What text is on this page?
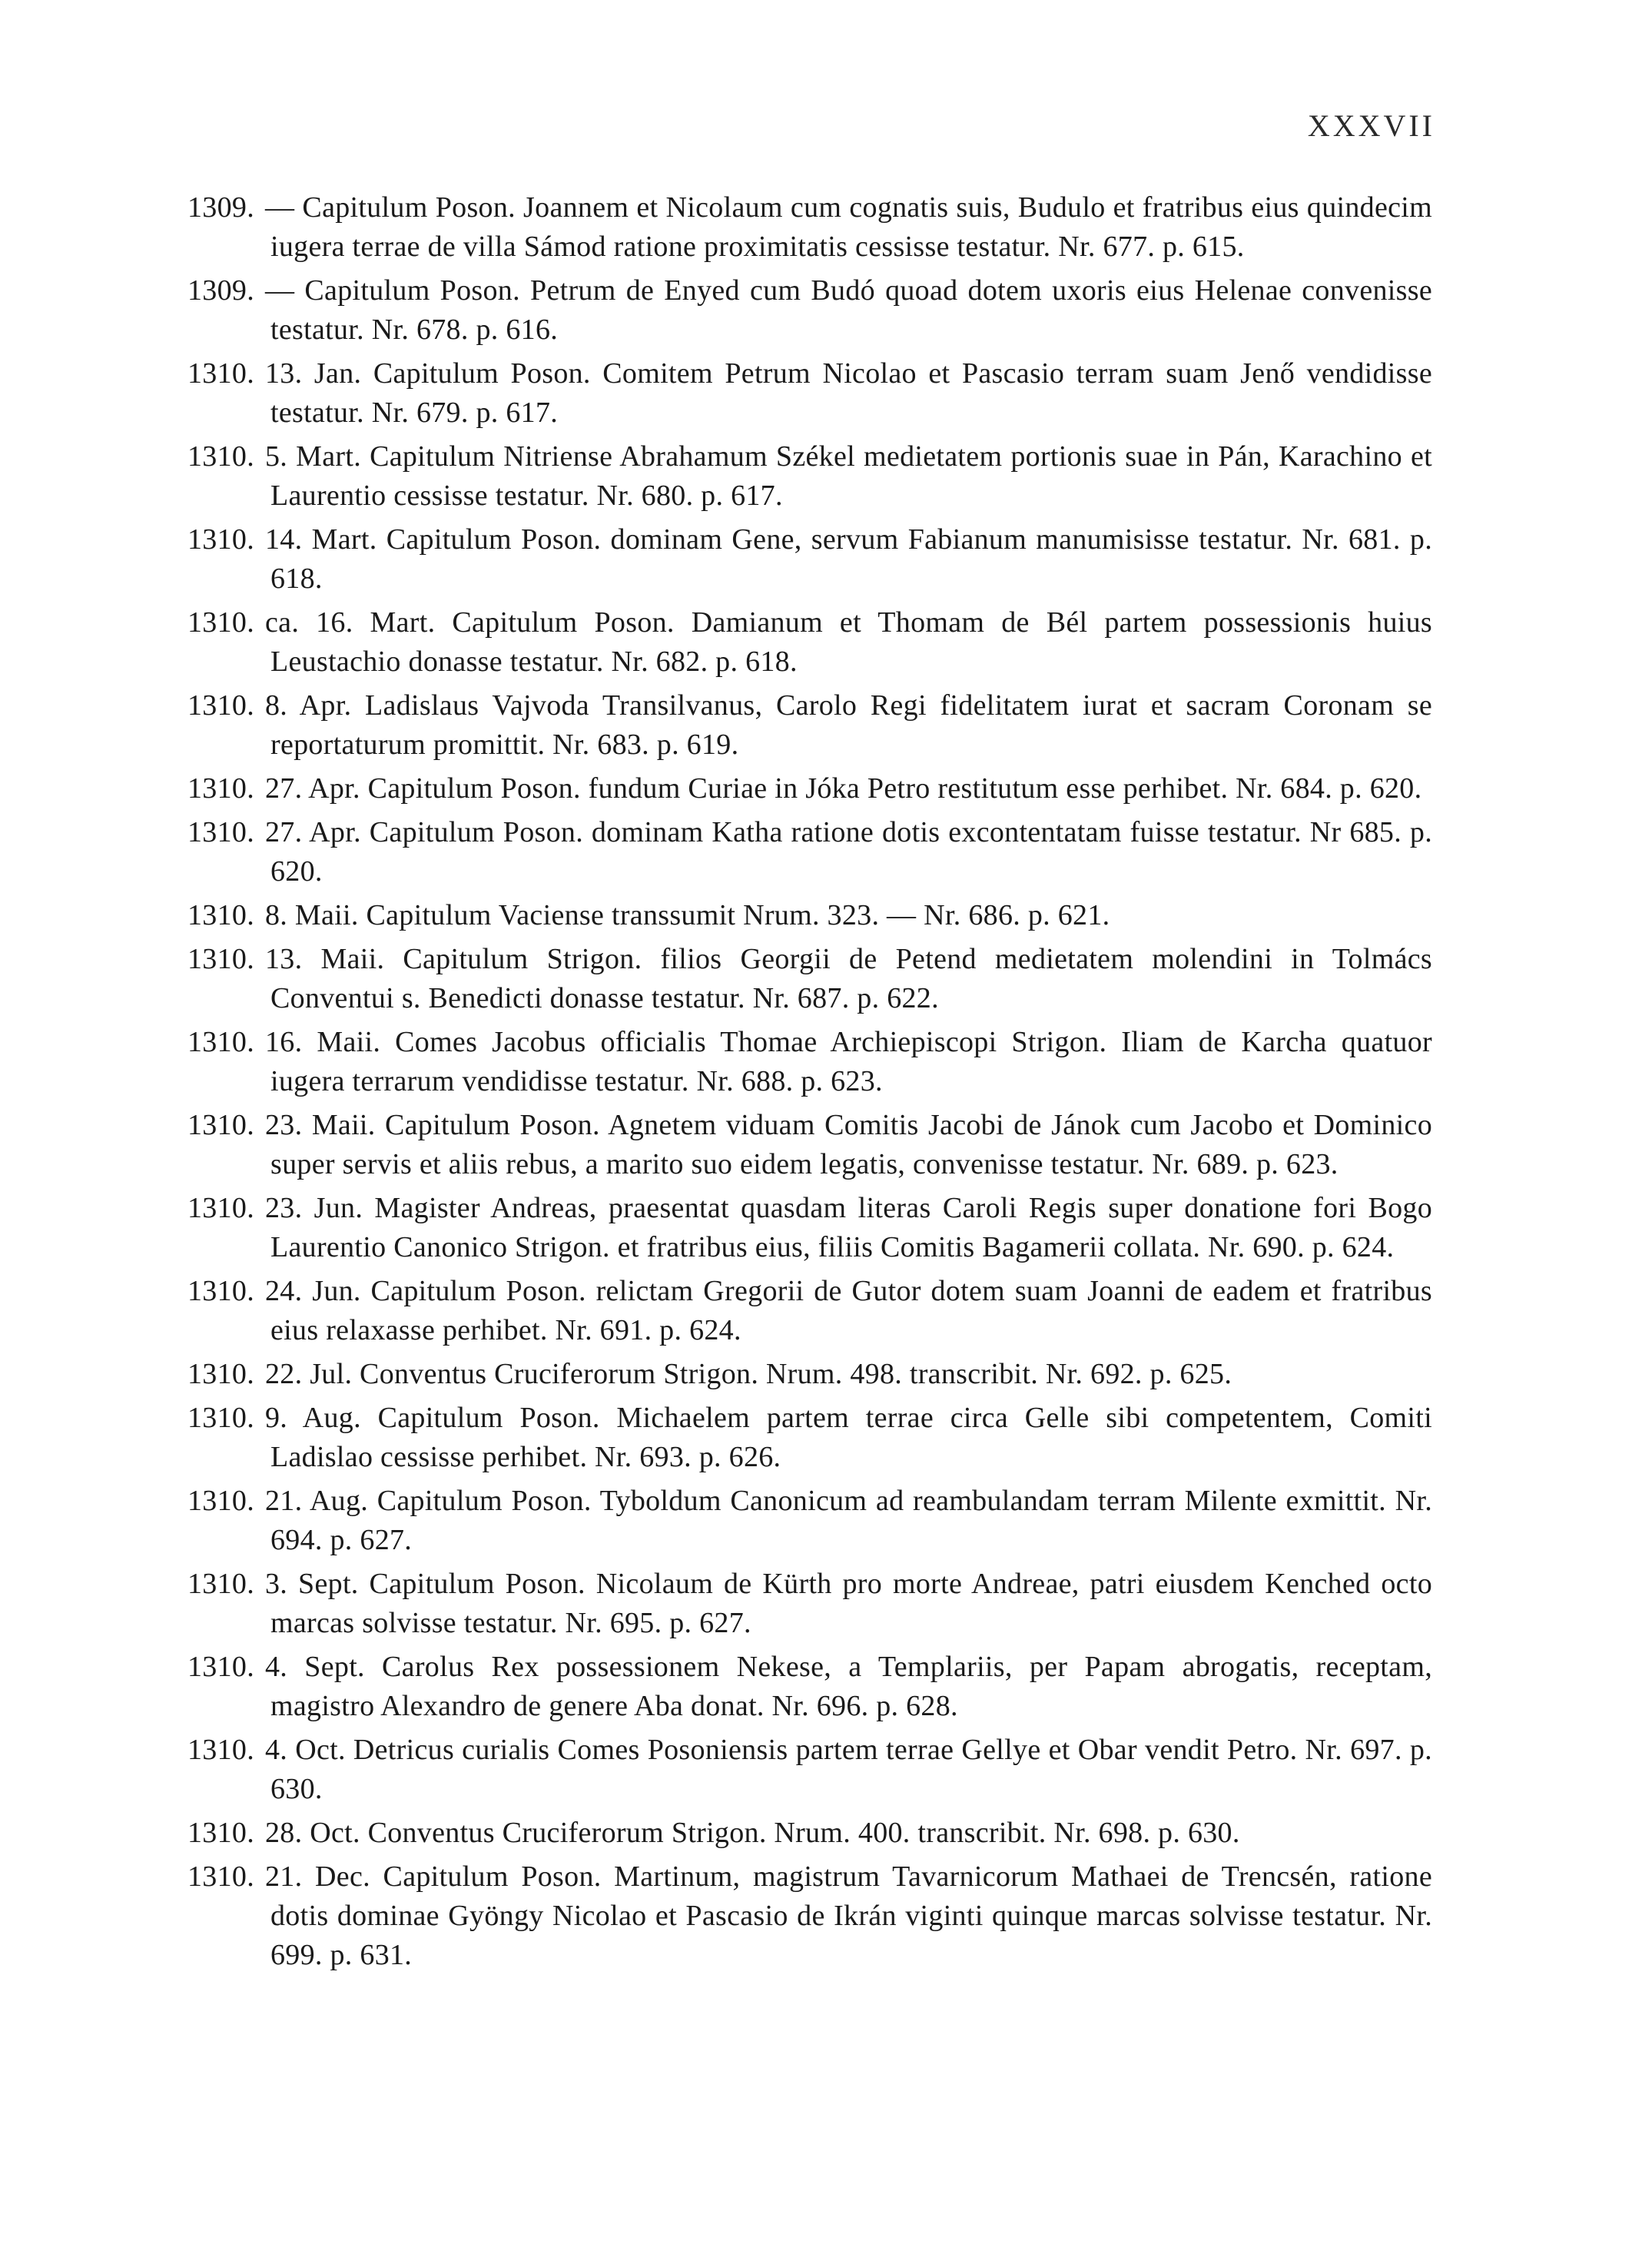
XXXVII

1309. — Capitulum Poson. Joannem et Nicolaum cum cognatis suis, Budulo et fratribus eius quindecim iugera terrae de villa Sámod ratione proximitatis cessisse testatur. Nr. 677. p. 615.

1309. — Capitulum Poson. Petrum de Enyed cum Budó quoad dotem uxoris eius Helenae convenisse testatur. Nr. 678. p. 616.

1310. 13. Jan. Capitulum Poson. Comitem Petrum Nicolao et Pascasio terram suam Jenő vendidisse testatur. Nr. 679. p. 617.

1310. 5. Mart. Capitulum Nitriense Abrahamum Székel medietatem portionis suae in Pán, Karachino et Laurentio cessisse testatur. Nr. 680. p. 617.

1310. 14. Mart. Capitulum Poson. dominam Gene, servum Fabianum manumisisse testatur. Nr. 681. p. 618.

1310. ca. 16. Mart. Capitulum Poson. Damianum et Thomam de Bél partem possessionis huius Leustachio donasse testatur. Nr. 682. p. 618.

1310. 8. Apr. Ladislaus Vajvoda Transilvanus, Carolo Regi fidelitatem iurat et sacram Coronam se reportaturum promittit. Nr. 683. p. 619.

1310. 27. Apr. Capitulum Poson. fundum Curiae in Jóka Petro restitutum esse perhibet. Nr. 684. p. 620.

1310. 27. Apr. Capitulum Poson. dominam Katha ratione dotis excontentatam fuisse testatur. Nr 685. p. 620.

1310. 8. Maii. Capitulum Vaciense transsumit Nrum. 323. — Nr. 686. p. 621.

1310. 13. Maii. Capitulum Strigon. filios Georgii de Petend medietatem molendini in Tolmács Conventui s. Benedicti donasse testatur. Nr. 687. p. 622.

1310. 16. Maii. Comes Jacobus officialis Thomae Archiepiscopi Strigon. Iliam de Karcha quatuor iugera terrarum vendidisse testatur. Nr. 688. p. 623.

1310. 23. Maii. Capitulum Poson. Agnetem viduam Comitis Jacobi de Jánok cum Jacobo et Dominico super servis et aliis rebus, a marito suo eidem legatis, convenisse testatur. Nr. 689. p. 623.

1310. 23. Jun. Magister Andreas, praesentat quasdam literas Caroli Regis super donatione fori Bogo Laurentio Canonico Strigon. et fratribus eius, filiis Comitis Bagamerii collata. Nr. 690. p. 624.

1310. 24. Jun. Capitulum Poson. relictam Gregorii de Gutor dotem suam Joanni de eadem et fratribus eius relaxasse perhibet. Nr. 691. p. 624.

1310. 22. Jul. Conventus Cruciferorum Strigon. Nrum. 498. transcribit. Nr. 692. p. 625.

1310. 9. Aug. Capitulum Poson. Michaelem partem terrae circa Gelle sibi competentem, Comiti Ladislao cessisse perhibet. Nr. 693. p. 626.

1310. 21. Aug. Capitulum Poson. Tyboldum Canonicum ad reambulandam terram Milente exmittit. Nr. 694. p. 627.

1310. 3. Sept. Capitulum Poson. Nicolaum de Kürth pro morte Andreae, patri eiusdem Kenched octo marcas solvisse testatur. Nr. 695. p. 627.

1310. 4. Sept. Carolus Rex possessionem Nekese, a Templariis, per Papam abrogatis, receptam, magistro Alexandro de genere Aba donat. Nr. 696. p. 628.

1310. 4. Oct. Detricus curialis Comes Posoniensis partem terrae Gellye et Obar vendit Petro. Nr. 697. p. 630.

1310. 28. Oct. Conventus Cruciferorum Strigon. Nrum. 400. transcribit. Nr. 698. p. 630.

1310. 21. Dec. Capitulum Poson. Martinum, magistrum Tavarnicorum Mathaei de Trencsén, ratione dotis dominae Gyöngy Nicolao et Pascasio de Ikrán viginti quinque marcas solvisse testatur. Nr. 699. p. 631.
